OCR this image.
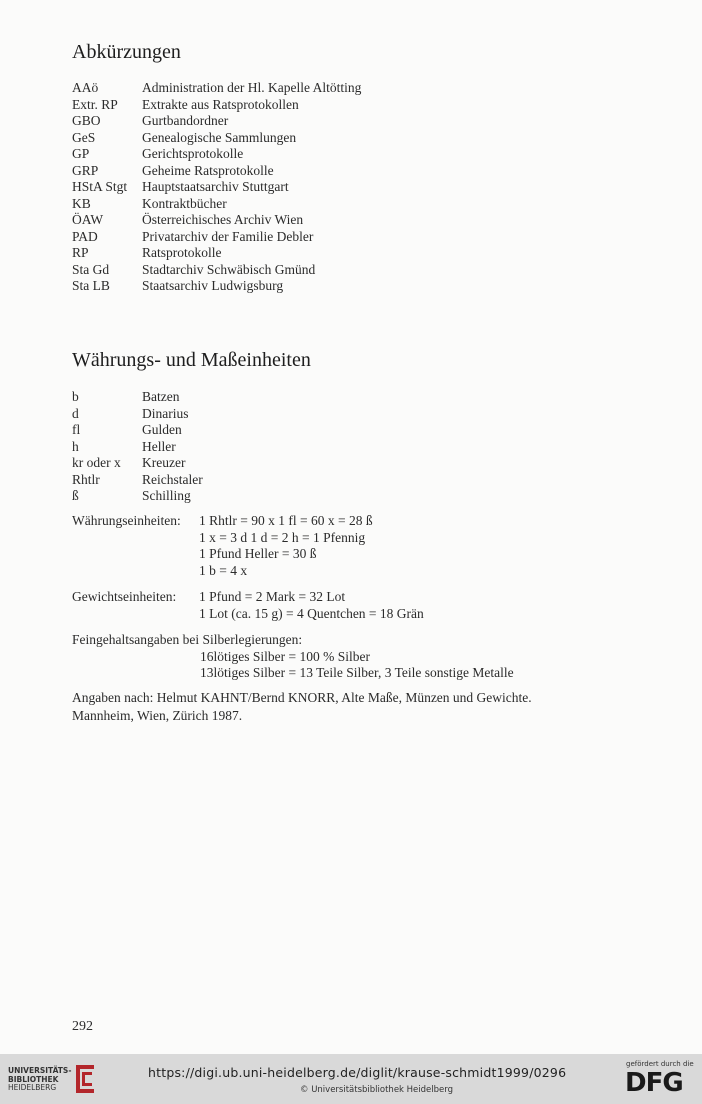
Abkürzungen
AAö	Administration der Hl. Kapelle Altötting
Extr. RP	Extrakte aus Ratsprotokollen
GBO	Gurtbandordner
GeS	Genealogische Sammlungen
GP	Gerichtsprotokolle
GRP	Geheime Ratsprotokolle
HStA Stgt	Hauptstaatsarchiv Stuttgart
KB	Kontraktbücher
ÖAW	Österreichisches Archiv Wien
PAD	Privatarchiv der Familie Debler
RP	Ratsprotokolle
Sta Gd	Stadtarchiv Schwäbisch Gmünd
Sta LB	Staatsarchiv Ludwigsburg
Währungs- und Maßeinheiten
b	Batzen
d	Dinarius
fl	Gulden
h	Heller
kr oder x	Kreuzer
Rhtlr	Reichstaler
ß	Schilling
Währungseinheiten: 1 Rhtlr = 90 x 1 fl = 60 x = 28 ß
1 x = 3 d 1 d = 2 h = 1 Pfennig
1 Pfund Heller = 30 ß
1 b = 4 x
Gewichtseinheiten: 1 Pfund = 2 Mark = 32 Lot
1 Lot (ca. 15 g) = 4 Quentchen = 18 Grän
Feingehaltsangaben bei Silberlegierungen:
16lötiges Silber = 100 % Silber
13lötiges Silber = 13 Teile Silber, 3 Teile sonstige Metalle
Angaben nach: Helmut KAHNT/Bernd KNORR, Alte Maße, Münzen und Gewichte.
Mannheim, Wien, Zürich 1987.
292
UNIVERSITÄTS-
BIBLIOTHEK
HEIDELBERG
https://digi.ub.uni-heidelberg.de/diglit/krause-schmidt1999/0296
© Universitätsbibliothek Heidelberg
gefördert durch die
DFG
